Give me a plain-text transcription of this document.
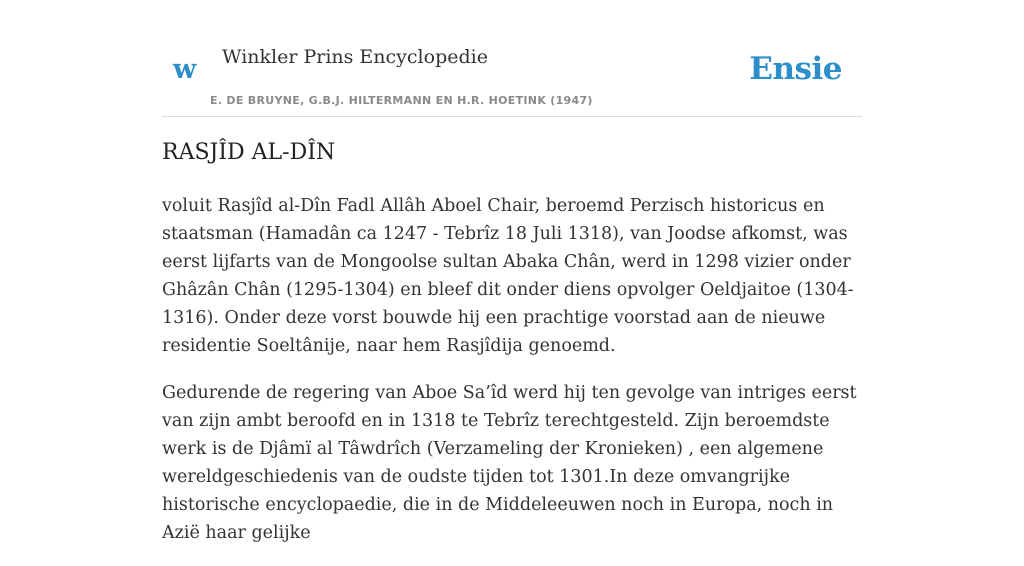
w Winkler Prins Encyclopedie
E. DE BRUYNE, G.B.J. HILTERMANN EN H.R. HOETINK (1947)
Ensie
RASJÎD AL-DÎN

voluit Rasjîd al-Dîn Fadl Allâh Aboel Chair, beroemd Perzisch historicus en staatsman (Hamadân ca 1247 - Tebrîz 18 Juli 1318), van Joodse afkomst, was eerst lijfarts van de Mongoolse sultan Abaka Chân, werd in 1298 vizier onder Ghâzân Chân (1295-1304) en bleef dit onder diens opvolger Oeldjaitoe (1304-1316). Onder deze vorst bouwde hij een prachtige voorstad aan de nieuwe residentie Soeltânije, naar hem Rasjîdija genoemd.

Gedurende de regering van Aboe Sa’îd werd hij ten gevolge van intriges eerst van zijn ambt beroofd en in 1318 te Tebrîz terechtgesteld. Zijn beroemdste werk is de Djâmï al Tâwdrîch (Verzameling der Kronieken) , een algemene wereldgeschiedenis van de oudste tijden tot 1301.In deze omvangrijke historische encyclopaedie, die in de Middeleeuwen noch in Europa, noch in Azië haar gelijke
